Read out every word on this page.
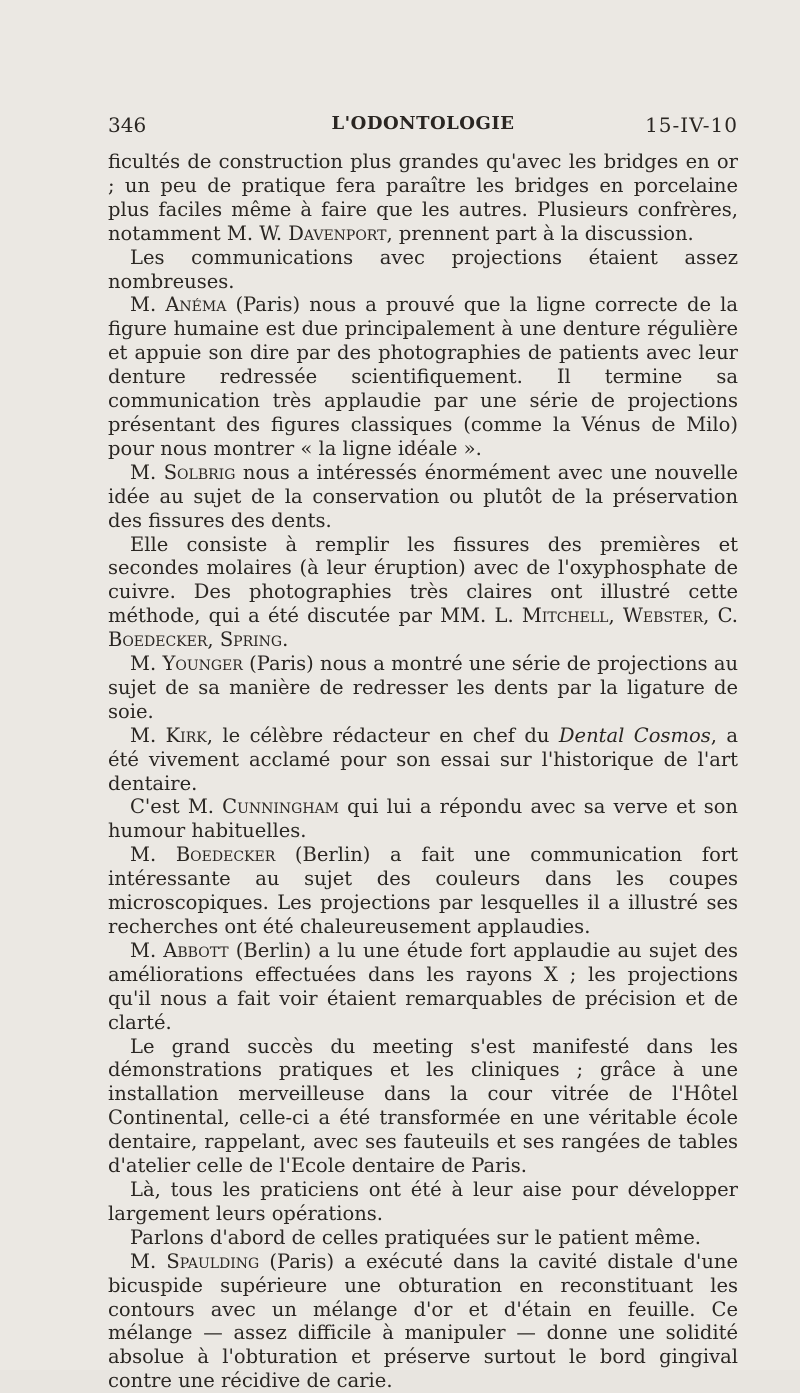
346	L'ODONTOLOGIE	15-IV-10

ficultés de construction plus grandes qu'avec les bridges en or ; un peu de pratique fera paraître les bridges en porcelaine plus faciles même à faire que les autres. Plusieurs confrères, notamment M. W. Davenport, prennent part à la discussion.

Les communications avec projections étaient assez nombreuses.

M. Anéma (Paris) nous a prouvé que la ligne correcte de la figure humaine est due principalement à une denture régulière et appuie son dire par des photographies de patients avec leur denture redressée scientifiquement. Il termine sa communication très applaudie par une série de projections présentant des figures classiques (comme la Vénus de Milo) pour nous montrer « la ligne idéale ».

M. Solbrig nous a intéressés énormément avec une nouvelle idée au sujet de la conservation ou plutôt de la préservation des fissures des dents.

Elle consiste à remplir les fissures des premières et secondes molaires (à leur éruption) avec de l'oxyphosphate de cuivre. Des photographies très claires ont illustré cette méthode, qui a été discutée par MM. L. Mitchell, Webster, C. Boedecker, Spring.

M. Younger (Paris) nous a montré une série de projections au sujet de sa manière de redresser les dents par la ligature de soie.

M. Kirk, le célèbre rédacteur en chef du Dental Cosmos, a été vivement acclamé pour son essai sur l'historique de l'art dentaire.

C'est M. Cunningham qui lui a répondu avec sa verve et son humour habituelles.

M. Boedecker (Berlin) a fait une communication fort intéressante au sujet des couleurs dans les coupes microscopiques. Les projections par lesquelles il a illustré ses recherches ont été chaleureusement applaudies.

M. Abbott (Berlin) a lu une étude fort applaudie au sujet des améliorations effectuées dans les rayons X ; les projections qu'il nous a fait voir étaient remarquables de précision et de clarté.

Le grand succès du meeting s'est manifesté dans les démonstrations pratiques et les cliniques ; grâce à une installation merveilleuse dans la cour vitrée de l'Hôtel Continental, celle-ci a été transformée en une véritable école dentaire, rappelant, avec ses fauteuils et ses rangées de tables d'atelier celle de l'Ecole dentaire de Paris.

Là, tous les praticiens ont été à leur aise pour développer largement leurs opérations.

Parlons d'abord de celles pratiquées sur le patient même.

M. Spaulding (Paris) a exécuté dans la cavité distale d'une bicuspide supérieure une obturation en reconstituant les contours avec un mélange d'or et d'étain en feuille. Ce mélange — assez difficile à manipuler — donne une solidité absolue à l'obturation et préserve surtout le bord gingival contre une récidive de carie.
